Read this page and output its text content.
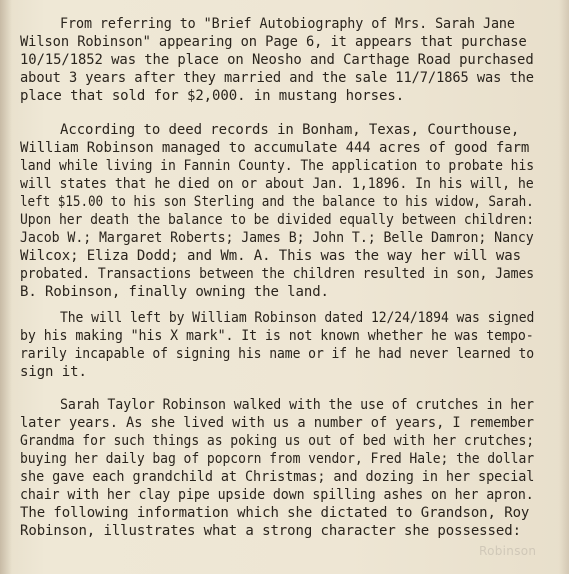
From referring to "Brief Autobiography of Mrs. Sarah Jane
Wilson Robinson" appearing on Page 6, it appears that purchase
10/15/1852 was the place on Neosho and Carthage Road purchased
about 3 years after they married and the sale 11/7/1865 was the
place that sold for $2,000. in mustang horses.
According to deed records in Bonham, Texas, Courthouse,
William Robinson managed to accumulate 444 acres of good farm
land while living in Fannin County. The application to probate his
will states that he died on or about Jan. 1,1896. In his will, he
left $15.00 to his son Sterling and the balance to his widow, Sarah.
Upon her death the balance to be divided equally between children:
Jacob W.; Margaret Roberts; James B; John T.; Belle Damron; Nancy
Wilcox; Eliza Dodd; and Wm. A. This was the way her will was
probated. Transactions between the children resulted in son, James
B. Robinson, finally owning the land.
The will left by William Robinson dated 12/24/1894 was signed
by his making "his X mark". It is not known whether he was tempo-
rarily incapable of signing his name or if he had never learned to
sign it.
Sarah Taylor Robinson walked with the use of crutches in her
later years. As she lived with us a number of years, I remember
Grandma for such things as poking us out of bed with her crutches;
buying her daily bag of popcorn from vendor, Fred Hale; the dollar
she gave each grandchild at Christmas; and dozing in her special
chair with her clay pipe upside down spilling ashes on her apron.
The following information which she dictated to Grandson, Roy
Robinson, illustrates what a strong character she possessed:
Robinson
